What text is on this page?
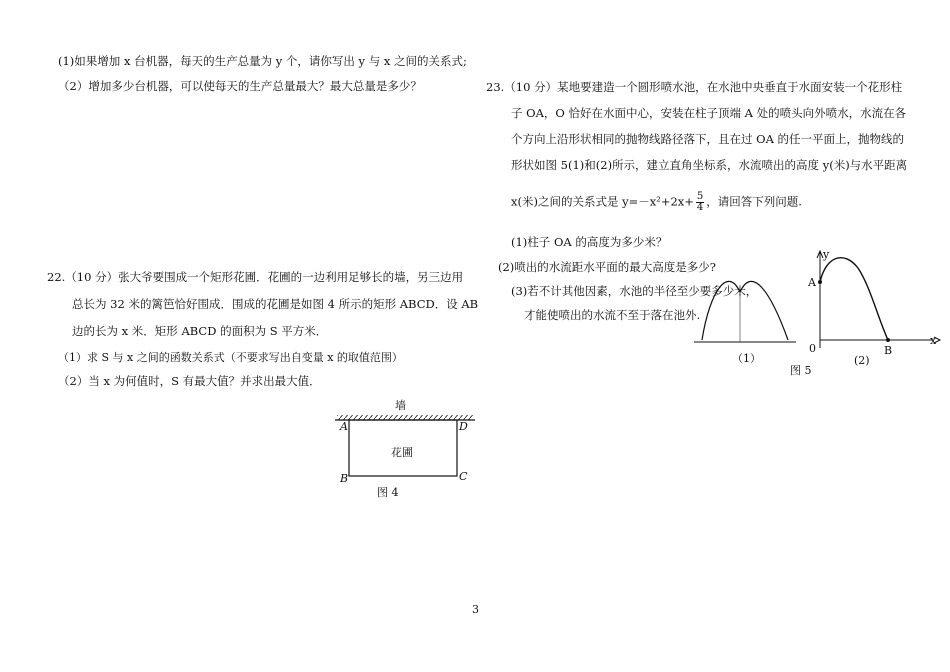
(1)如果增加 x 台机器，每天的生产总量为 y 个，请你写出 y 与 x 之间的关系式;
（2）增加多少台机器，可以使每天的生产总量最大？最大总量是多少？
22.（10 分）张大爷要围成一个矩形花圃．花圃的一边利用足够长的墙，另三边用
总长为 32 米的篱笆恰好围成．围成的花圃是如图 4 所示的矩形 ABCD．设 AB
边的长为 x 米．矩形 ABCD 的面积为 S 平方米．
（1）求 S 与 x 之间的函数关系式（不要求写出自变量 x 的取值范围）
（2）当 x 为何值时，S 有最大值？并求出最大值．
墙
A	D
花圃
B	C
图 4
23.（10 分）某地要建造一个圆形喷水池，在水池中央垂直于水面安装一个花形柱
子 OA，O 恰好在水面中心，安装在柱子顶端 A 处的喷头向外喷水，水流在各
个方向上沿形状相同的抛物线路径落下，且在过 OA 的任一平面上，抛物线的
形状如图 5(1)和(2)所示，建立直角坐标系，水流喷出的高度 y(米)与水平距离
x(米)之间的关系式是 $y=-x^2+2x+ \frac{5}{4}$ ，请回答下列问题.
(1)柱子 OA 的高度为多少米？
(2)喷出的水流距水平面的最大高度是多少?
（1）
(3)若不计其他因素，水池的半径至少要多少米，
才能使喷出的水流不至于落在池外.
y
x
A
0	B
(2)
图 5
3
